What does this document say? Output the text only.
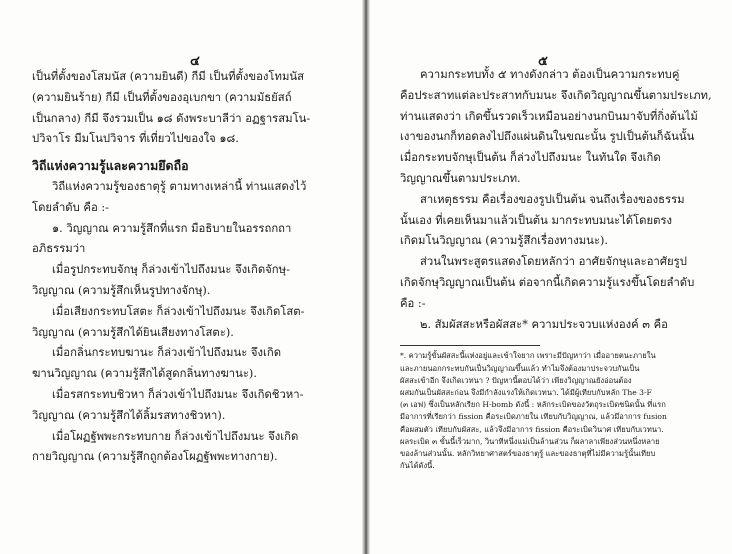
๔
เป็นที่ตั้งของโสมนัส (ความยินดี) กีมี เป็นที่ตั้งของโทมนัส
(ความยินร้าย) กีมี เป็นที่ตั้งของอุเบกขา (ความมัธยัสถ์
เป็นกลาง) กีมี จึงรวมเป็น ๑๘ ดังพระบาลีว่า อฏฐารสมโน-
ปวิจาโร มีมโนปวิจาร ที่เที่ยวไปของใจ ๑๘.
วิถีแห่งความรู้และความยึดถือ
วิถีแห่งความรู้ของธาตุรู้ ตามทางเหล่านี้ ท่านแสดงไว้
โดยลำดับ คือ :-
๑. วิญญาณ ความรู้สึกที่แรก มือธิบายในอรรถกถา
อภิธรรมว่า
เมื่อรูปกระทบจักษุ ก็ล่วงเข้าไปถึงมนะ จึงเกิดจักษุ-
วิญญาณ (ความรู้สึกเห็นรูปทางจักษุ).
เมื่อเสียงกระทบโสตะ ก็ล่วงเข้าไปถึงมนะ จึงเกิดโสต-
วิญญาณ (ความรู้สึกได้ยินเสียงทางโสตะ).
เมื่อกลิ่นกระทบฆานะ ก็ล่วงเข้าไปถึงมนะ จึงเกิด
ฆานวิญญาณ (ความรู้สึกได้สูดกลิ่นทางฆานะ).
เมื่อรสกระทบชิวหา ก็ล่วงเข้าไปถึงมนะ จึงเกิดชิวหา-
วิญญาณ (ความรู้สึกได้ลิ้มรสทางชิวหา).
เมื่อโผฏฐัพพะกระทบกาย ก็ล่วงเข้าไปถึงมนะ จึงเกิด
กายวิญญาณ (ความรู้สึกถูกต้องโผฏฐัพพะทางกาย).
๕
ความกระทบทั้ง ๕ ทางดังกล่าว ต้องเป็นความกระทบคู่
คือประสาทแต่ละประสาทกับมนะ จึงเกิดวิญญาณขึ้นตามประเภท,
ท่านแสดงว่า เกิดขึ้นรวดเร็วเหมือนอย่างนกบินมาจับที่กิ่งต้นไม้
เงาของนกก็ทอดลงไปถึงแผ่นดินในขณะนั้น รูปเป็นต้นก็ฉันนั้น
เมื่อกระทบจักษุเป็นต้น ก็ล่วงไปถึงมนะ ในทันใด จึงเกิด
วิญญาณขึ้นตามประเภท.
สาเหตุธรรม คือเรื่องของรูปเป็นต้น จนถึงเรื่องของธรรม
นั้นเอง ที่เคยเห็นมาแล้วเป็นต้น มากระทบมนะได้โดยตรง
เกิดมโนวิญญาณ (ความรู้สึกเรื่องทางมนะ).
ส่วนในพระสูตรแสดงโดยหลักว่า อาศัยจักษุและอาศัยรูป
เกิดจักษุวิญญาณเป็นต้น ต่อจากนี้เกิดความรู้แรงขึ้นโดยลำดับ
คือ :-
๒. สัมผัสสะหรือผัสสะ* ความประจวบแห่งองค์ ๓ คือ
*. ความรู้ขั้นผัสสะนี้แห่งอยู่และเข้าใจยาก เพราะมีปัญหาว่า เมื่ออายตนะภายใน
และภายนอกกระทบกันเป็นวิญญาณขึ้นแล้ว ทำไมจึงต้องมาประจวบกันเป็น
ผัสสะเข้าอีก จึงเกิดเวทนา ? ปัญหานี้ตอบได้ว่า เพียงวิญญาณยังอ่อนต้อง
ผสมกันเป็นผัสสะก่อน จึงมีกำลังแรงให้เกิดเวทนา. ได้มีผู้เทียบกับหลัก The 3-F
(๓ เอฟ) ซึ่งเป็นหลักเรียก H-bomb ดังนี้ : หลักระเบิดของวัตถุระเบิดชนิดนั้น ที่แรก
มีอาการที่เรียกว่า fission คือระเบิดภายใน เทียบกับวิญญาณ, แล้วมีอาการ fusion
คือผสมตัว เทียบกับผัสสะ, แล้วจึงมีอาการ fission คือระเบิดวินาศ เทียบกับเวทนา.
ผลระเบิด ๓ ขั้นนี้เร็วมาก, วินาทีหนึ่งแม่เป็นล้านส่วน ก็ผลาลาเพียงส่วนหนึ่งหลาย
ของล้านส่วนนั้น. หลักวิทยาศาสตร์ของธาตุรู้ และของธาตุที่ไม่มีความรู้นั้นเทียบ
กันได้ดังนี้.
